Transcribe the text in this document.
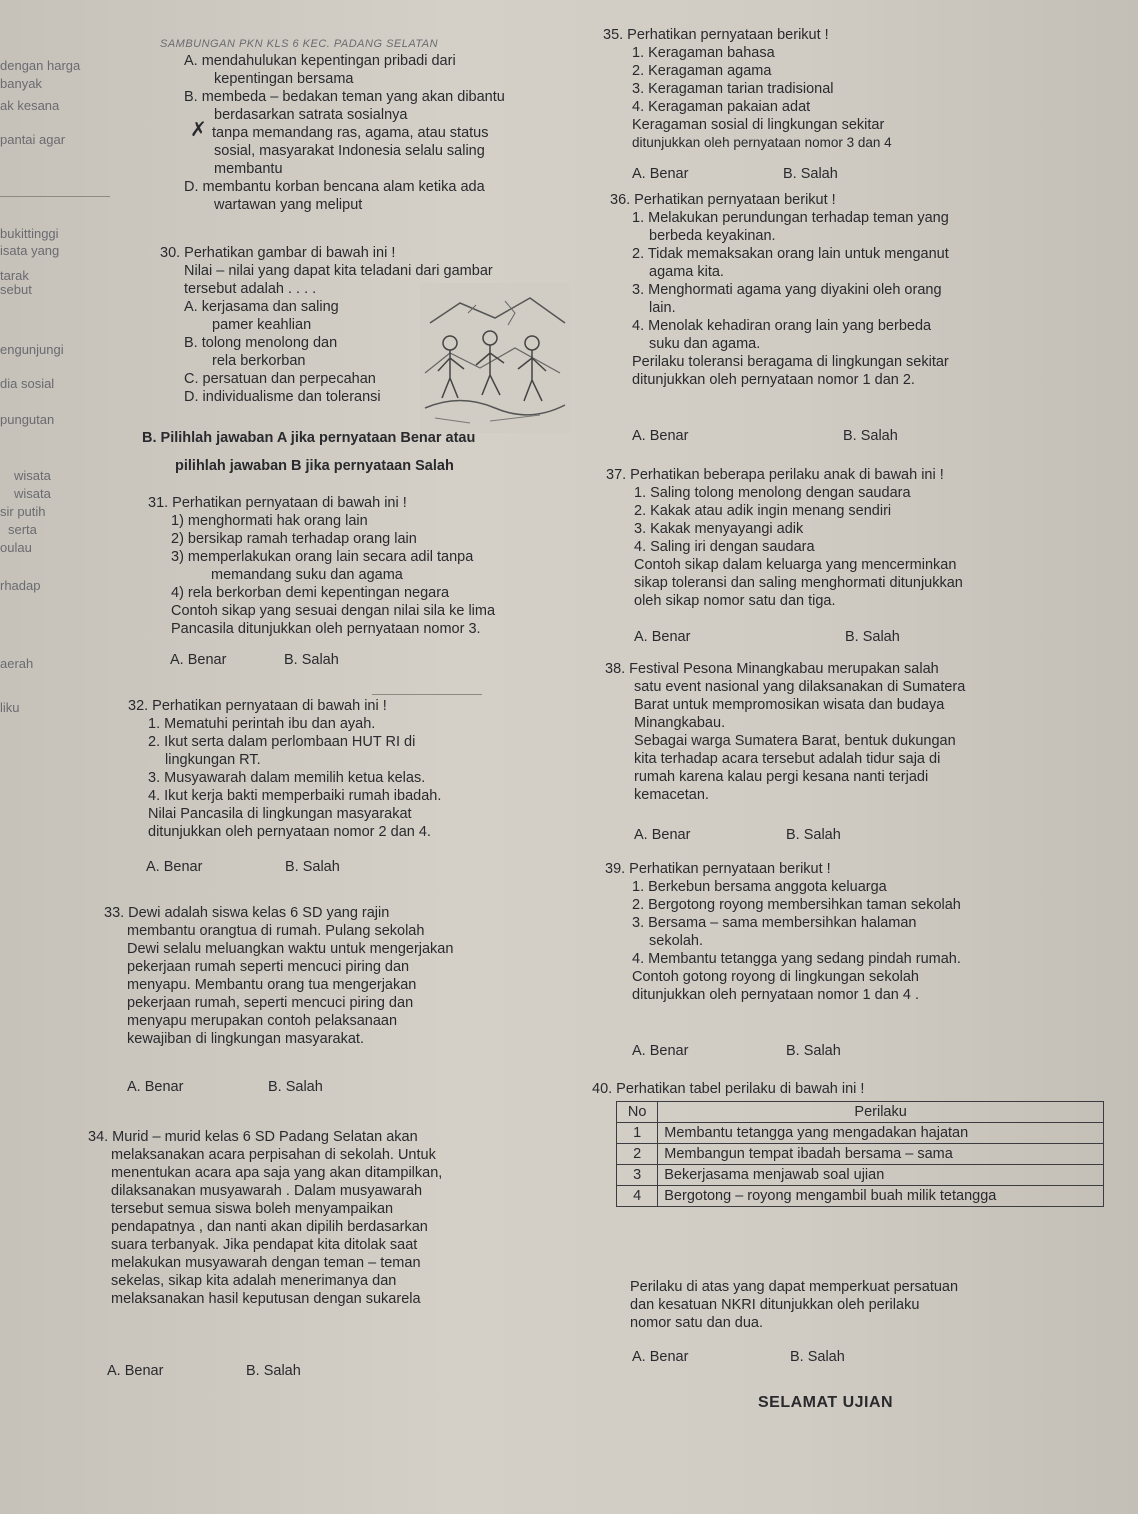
dengan harga
banyak
ak kesana
pantai agar
bukittinggi
isata yang
tarak
sebut
engunjungi
dia sosial
pungutan
wisata
wisata
sir putih
serta
oulau
rhadap
aerah
liku
SAMBUNGAN PKN KLS 6 KEC. PADANG SELATAN
A. mendahulukan kepentingan pribadi dari
kepentingan bersama
B. membeda – bedakan teman yang akan dibantu
berdasarkan satrata sosialnya
✗ tanpa memandang ras, agama, atau status
sosial, masyarakat Indonesia selalu saling
membantu
D. membantu korban bencana alam ketika ada
wartawan yang meliput
30. Perhatikan gambar di bawah ini !
Nilai – nilai yang dapat kita teladani dari gambar
tersebut adalah . . . .
A. kerjasama dan saling
pamer keahlian
B. tolong menolong dan
rela berkorban
C. persatuan dan perpecahan
D. individualisme dan toleransi
B. Pilihlah jawaban A jika pernyataan Benar atau
pilihlah jawaban B jika pernyataan Salah
31. Perhatikan pernyataan di bawah ini !
1) menghormati hak orang lain
2) bersikap ramah terhadap orang lain
3) memperlakukan orang lain secara adil tanpa
memandang suku dan agama
4) rela berkorban demi kepentingan negara
Contoh sikap yang sesuai dengan nilai sila ke lima
Pancasila ditunjukkan oleh pernyataan nomor 3.
A. Benar	B. Salah
32. Perhatikan pernyataan di bawah ini !
1. Mematuhi perintah ibu dan ayah.
2. Ikut serta dalam perlombaan HUT RI di
lingkungan RT.
3. Musyawarah dalam memilih ketua kelas.
4. Ikut kerja bakti memperbaiki rumah ibadah.
Nilai Pancasila di lingkungan masyarakat
ditunjukkan oleh pernyataan nomor 2 dan 4.
A. Benar	B. Salah
33. Dewi adalah siswa kelas 6 SD yang rajin
membantu orangtua di rumah. Pulang sekolah
Dewi selalu meluangkan waktu untuk mengerjakan
pekerjaan rumah seperti mencuci piring dan
menyapu. Membantu orang tua mengerjakan
pekerjaan rumah, seperti mencuci piring dan
menyapu merupakan contoh pelaksanaan
kewajiban di lingkungan masyarakat.
A. Benar	B. Salah
34. Murid – murid kelas 6 SD Padang Selatan akan
melaksanakan acara perpisahan di sekolah. Untuk
menentukan acara apa saja yang akan ditampilkan,
dilaksanakan musyawarah . Dalam musyawarah
tersebut semua siswa boleh menyampaikan
pendapatnya , dan nanti akan dipilih berdasarkan
suara terbanyak. Jika pendapat kita ditolak saat
melakukan musyawarah dengan teman – teman
sekelas, sikap kita adalah menerimanya dan
melaksanakan hasil keputusan dengan sukarela
A. Benar	B. Salah
35. Perhatikan pernyataan berikut !
1. Keragaman bahasa
2. Keragaman agama
3. Keragaman tarian tradisional
4. Keragaman pakaian adat
Keragaman sosial di lingkungan sekitar
ditunjukkan oleh pernyataan nomor 3 dan 4
A. Benar	B. Salah
36. Perhatikan pernyataan berikut !
1. Melakukan perundungan terhadap teman yang
berbeda keyakinan.
2. Tidak memaksakan orang lain untuk menganut
agama kita.
3. Menghormati agama yang diyakini oleh orang
lain.
4. Menolak kehadiran orang lain yang berbeda
suku dan agama.
Perilaku toleransi beragama di lingkungan sekitar
ditunjukkan oleh pernyataan nomor 1 dan 2.
A. Benar	B. Salah
37. Perhatikan beberapa perilaku anak di bawah ini !
1. Saling tolong menolong dengan saudara
2. Kakak atau adik ingin menang sendiri
3. Kakak menyayangi adik
4. Saling iri dengan saudara
Contoh sikap dalam keluarga yang mencerminkan
sikap toleransi dan saling menghormati ditunjukkan
oleh sikap nomor satu dan tiga.
A. Benar	B. Salah
38. Festival Pesona Minangkabau merupakan salah
satu event nasional yang dilaksanakan di Sumatera
Barat untuk mempromosikan wisata dan budaya
Minangkabau.
Sebagai warga Sumatera Barat, bentuk dukungan
kita terhadap acara tersebut adalah tidur saja di
rumah karena kalau pergi kesana nanti terjadi
kemacetan.
A. Benar	B. Salah
39. Perhatikan pernyataan berikut !
1. Berkebun bersama anggota keluarga
2. Bergotong royong membersihkan taman sekolah
3. Bersama – sama membersihkan halaman
sekolah.
4. Membantu tetangga yang sedang pindah rumah.
Contoh gotong royong di lingkungan sekolah
ditunjukkan oleh pernyataan nomor 1 dan 4 .
A. Benar	B. Salah
40. Perhatikan tabel perilaku di bawah ini !
No	Perilaku
1	Membantu tetangga yang mengadakan hajatan
2	Membangun tempat ibadah bersama – sama
3	Bekerjasama menjawab soal ujian
4	Bergotong – royong mengambil buah milik tetangga
Perilaku di atas yang dapat memperkuat persatuan
dan kesatuan NKRI ditunjukkan oleh perilaku
nomor satu dan dua.
A. Benar	B. Salah
SELAMAT UJIAN
